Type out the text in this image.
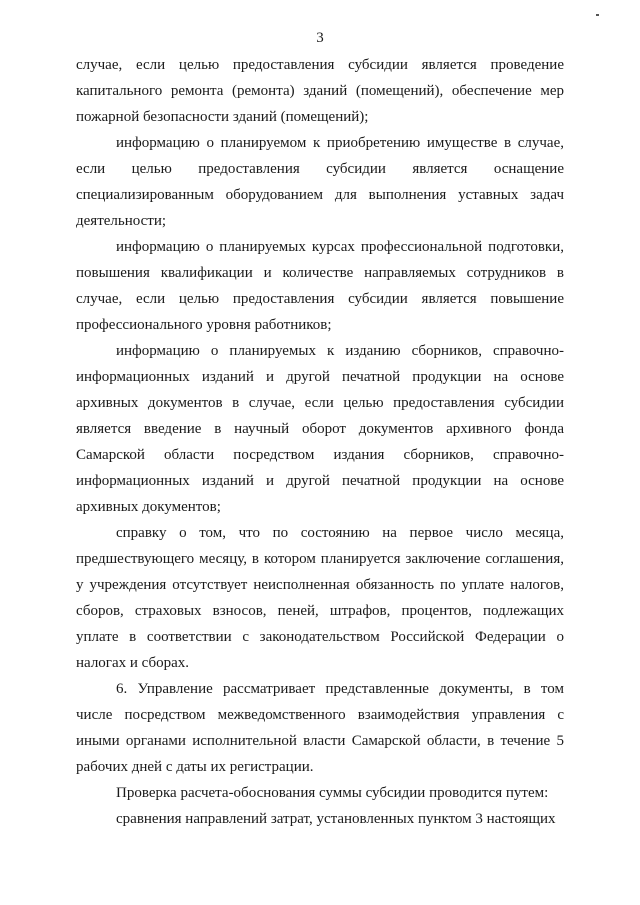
3

случае, если целью предоставления субсидии является проведение капитального ремонта (ремонта) зданий (помещений), обеспечение мер пожарной безопасности зданий (помещений);

информацию о планируемом к приобретению имуществе в случае, если целью предоставления субсидии является оснащение специализированным оборудованием для выполнения уставных задач деятельности;

информацию о планируемых курсах профессиональной подготовки, повышения квалификации и количестве направляемых сотрудников в случае, если целью предоставления субсидии является повышение профессионального уровня работников;

информацию о планируемых к изданию сборников, справочно-информационных изданий и другой печатной продукции на основе архивных документов в случае, если целью предоставления субсидии является введение в научный оборот документов архивного фонда Самарской области посредством издания сборников, справочно-информационных изданий и другой печатной продукции на основе архивных документов;

справку о том, что по состоянию на первое число месяца, предшествующего месяцу, в котором планируется заключение соглашения, у учреждения отсутствует неисполненная обязанность по уплате налогов, сборов, страховых взносов, пеней, штрафов, процентов, подлежащих уплате в соответствии с законодательством Российской Федерации о налогах и сборах.

6. Управление рассматривает представленные документы, в том числе посредством межведомственного взаимодействия управления с иными органами исполнительной власти Самарской области, в течение 5 рабочих дней с даты их регистрации.

Проверка расчета-обоснования суммы субсидии проводится путем:

сравнения направлений затрат, установленных пунктом 3 настоящих
